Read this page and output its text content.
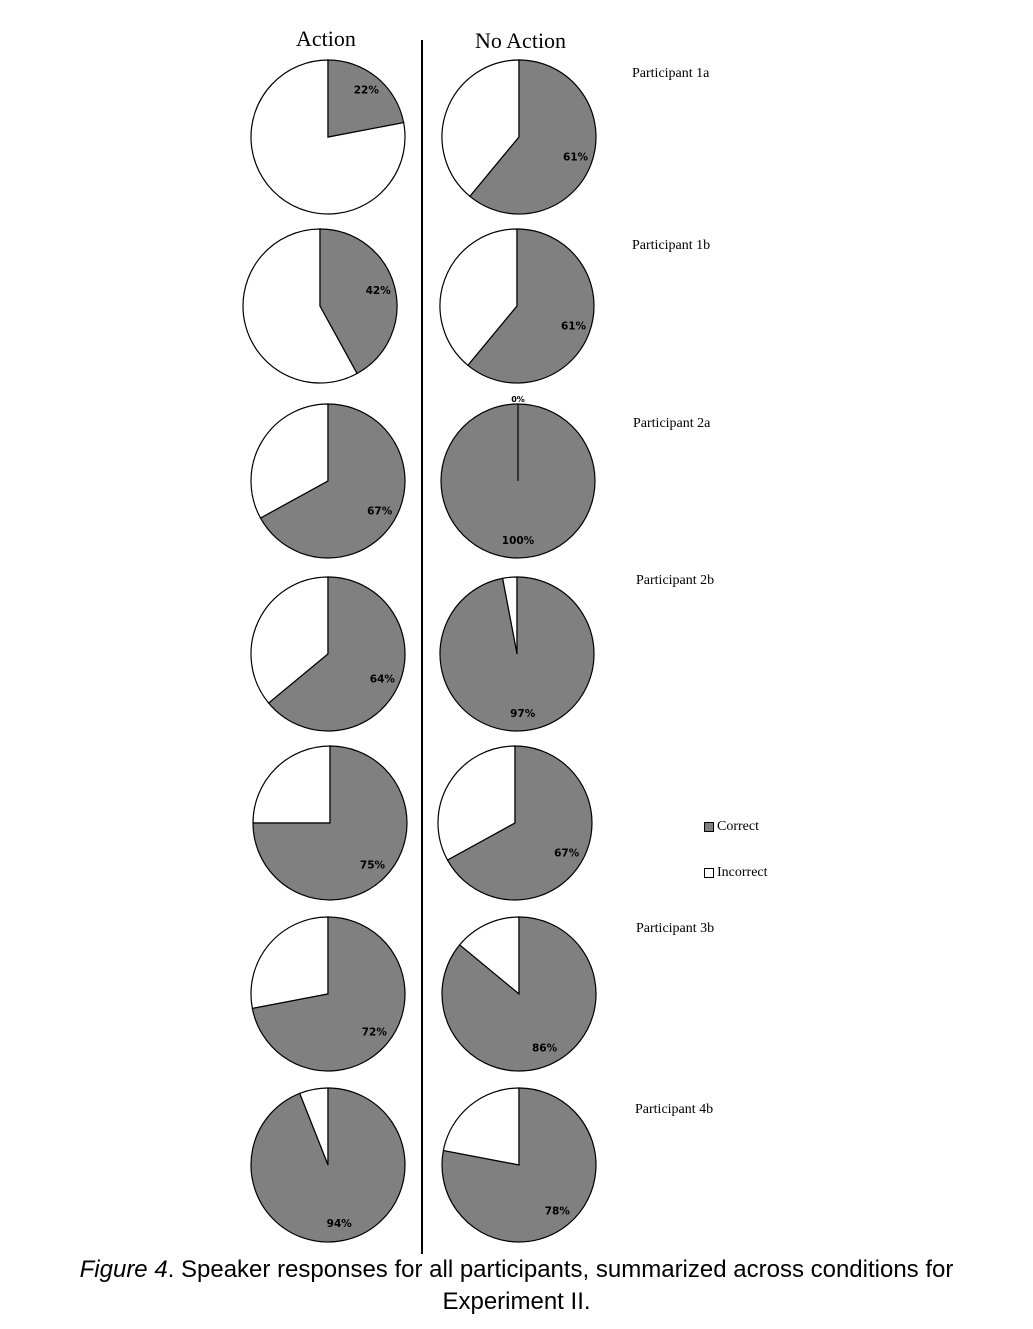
Action	No Action
22%
61%
42%
61%
67%
100%
64%
97%
75%
67%
72%
86%
94%
78%
0%
Participant 1a
Participant 1b
Participant 2a
Participant 2b
Participant 3b
Participant 4b
Correct
Incorrect
Figure 4. Speaker responses for all participants, summarized across conditions for
Experiment II.
